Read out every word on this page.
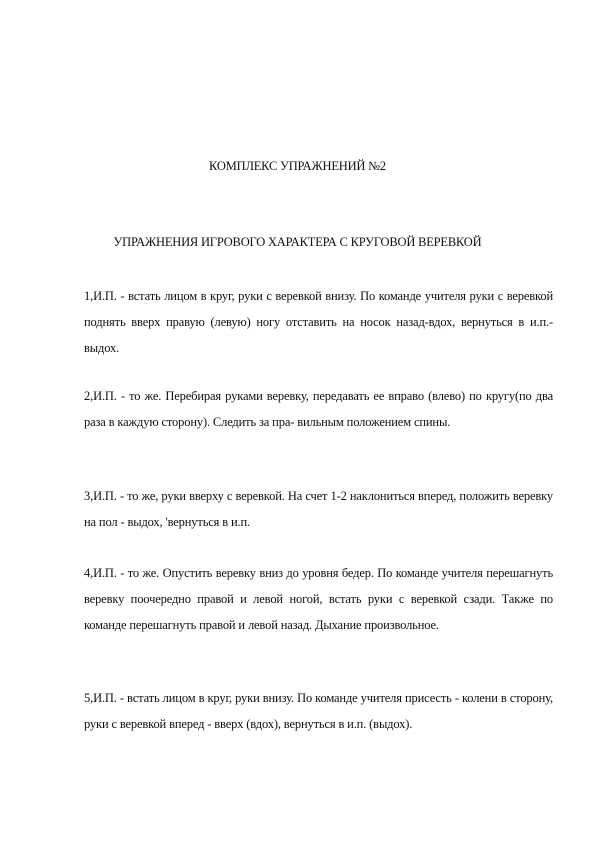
КОМПЛЕКС УПРАЖНЕНИЙ №2
УПРАЖНЕНИЯ ИГРОВОГО ХАРАКТЕРА С КРУГОВОЙ ВЕРЕВКОЙ
1,И.П. - встать лицом в круг, руки с веревкой внизу. По команде учителя руки с веревкой поднять вверх правую (левую) ногу отставить на носок назад-вдох, вернуться в и.п.- выдох.
2,И.П. - то же. Перебирая руками веревку, передавать ее вправо (влево) по кругу(по два раза в каждую сторону). Следить за пра- вильным положением спины.
3,И.П. - то же, руки вверху с веревкой. На счет 1-2 наклониться вперед, положить веревку на пол - выдох, 'вернуться в и.п.
4,И.П. - то же. Опустить веревку вниз до уровня бедер. По команде учителя перешагнуть веревку поочередно правой и левой ногой, встать руки с веревкой сзади. Также по команде перешагнуть правой и левой назад. Дыхание произвольное.
5,И.П. - встать лицом в круг, руки внизу. По команде учителя присесть - колени в сторону, руки с веревкой вперед - вверх (вдох), вернуться в и.п. (выдох).
